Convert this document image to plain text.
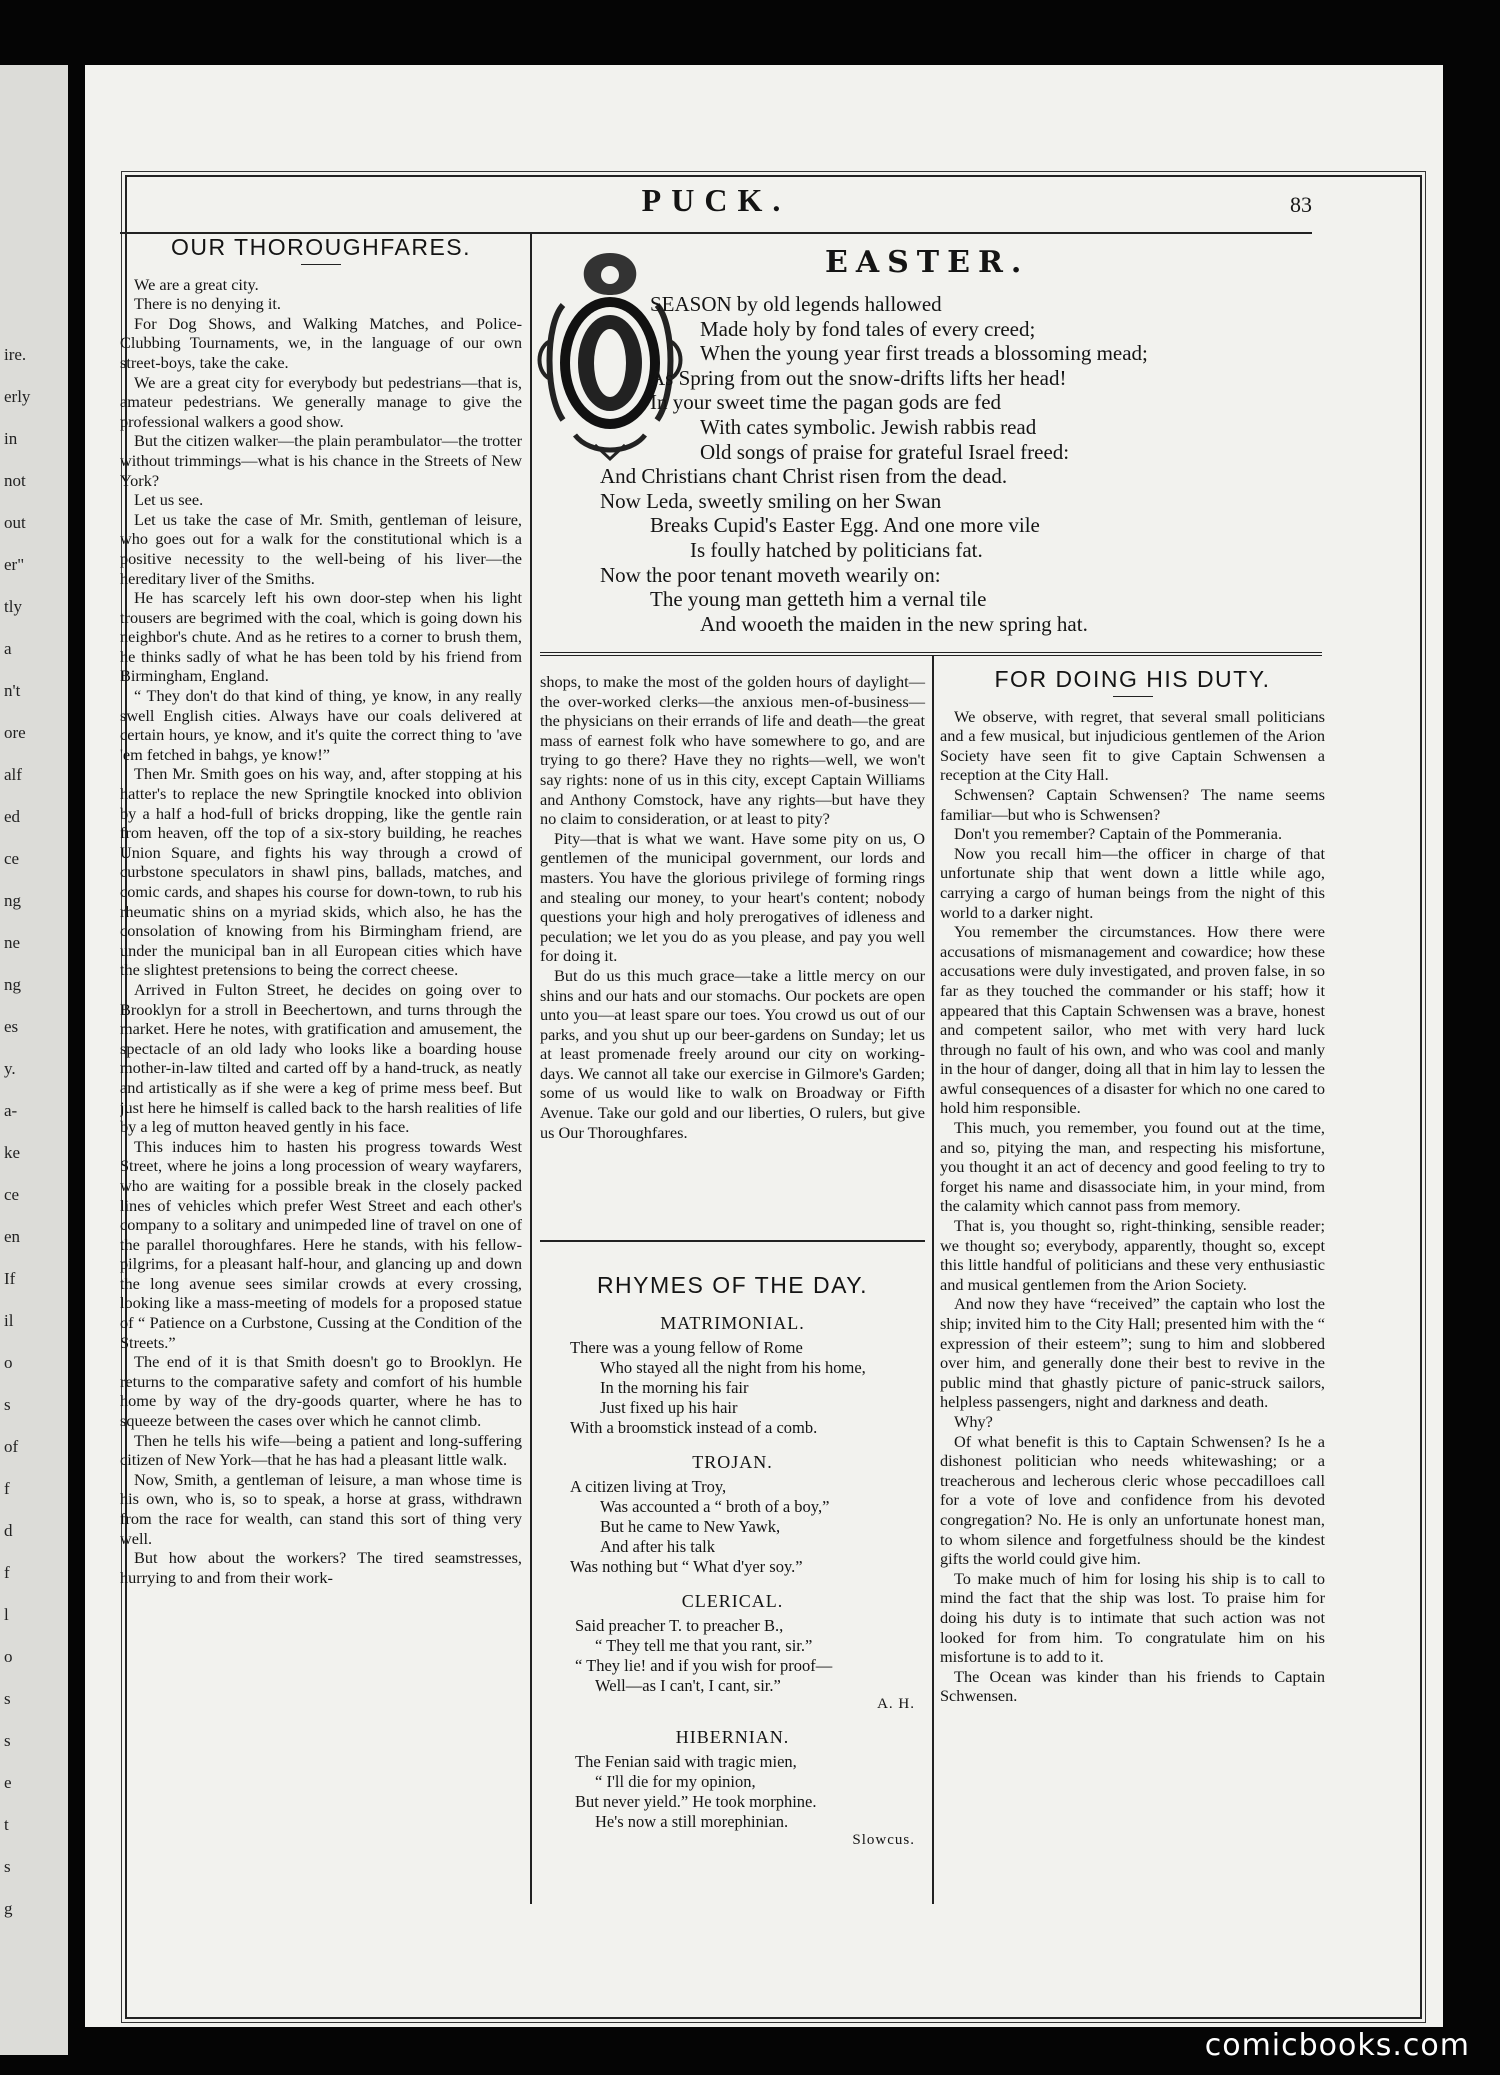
ire.
erly
in
not
out
er"
tly
a
n't
ore
alf
ed
ce
ng
ne
ng
es
y.
a-
ke
ce
en
If
il
o
s
of
f
d
f
l
o
s
s
e
t
s
g
PUCK.	83
OUR THOROUGHFARES.

We are a great city.

There is no denying it.

For Dog Shows, and Walking Matches, and Police-Clubbing Tournaments, we, in the language of our own street-boys, take the cake.

We are a great city for everybody but pedestrians—that is, amateur pedestrians. We generally manage to give the professional walkers a good show.

But the citizen walker—the plain perambulator—the trotter without trimmings—what is his chance in the Streets of New York?

Let us see.

Let us take the case of Mr. Smith, gentleman of leisure, who goes out for a walk for the constitutional which is a positive necessity to the well-being of his liver—the hereditary liver of the Smiths.

He has scarcely left his own door-step when his light trousers are begrimed with the coal, which is going down his neighbor's chute. And as he retires to a corner to brush them, he thinks sadly of what he has been told by his friend from Birmingham, England.

“ They don't do that kind of thing, ye know, in any really swell English cities. Always have our coals delivered at certain hours, ye know, and it's quite the correct thing to 'ave 'em fetched in bahgs, ye know!”

Then Mr. Smith goes on his way, and, after stopping at his hatter's to replace the new Springtile knocked into oblivion by a half a hod-full of bricks dropping, like the gentle rain from heaven, off the top of a six-story building, he reaches Union Square, and fights his way through a crowd of curbstone speculators in shawl pins, ballads, matches, and comic cards, and shapes his course for down-town, to rub his rheumatic shins on a myriad skids, which also, he has the consolation of knowing from his Birmingham friend, are under the municipal ban in all European cities which have the slightest pretensions to being the correct cheese.

Arrived in Fulton Street, he decides on going over to Brooklyn for a stroll in Beechertown, and turns through the market. Here he notes, with gratification and amusement, the spectacle of an old lady who looks like a boarding house mother-in-law tilted and carted off by a hand-truck, as neatly and artistically as if she were a keg of prime mess beef. But just here he himself is called back to the harsh realities of life by a leg of mutton heaved gently in his face.

This induces him to hasten his progress towards West Street, where he joins a long procession of weary wayfarers, who are waiting for a possible break in the closely packed lines of vehicles which prefer West Street and each other's company to a solitary and unimpeded line of travel on one of the parallel thoroughfares. Here he stands, with his fellow-pilgrims, for a pleasant half-hour, and glancing up and down the long avenue sees similar crowds at every crossing, looking like a mass-meeting of models for a proposed statue of “ Patience on a Curbstone, Cussing at the Condition of the Streets.”

The end of it is that Smith doesn't go to Brooklyn. He returns to the comparative safety and comfort of his humble home by way of the dry-goods quarter, where he has to squeeze between the cases over which he cannot climb.

Then he tells his wife—being a patient and long-suffering citizen of New York—that he has had a pleasant little walk.

Now, Smith, a gentleman of leisure, a man whose time is his own, who is, so to speak, a horse at grass, withdrawn from the race for wealth, can stand this sort of thing very well.

But how about the workers? The tired seamstresses, hurrying to and from their work-

EASTER.
SEASON by old legends hallowed
Made holy by fond tales of every creed;
When the young year first treads a blossoming mead;
As Spring from out the snow-drifts lifts her head!
In your sweet time the pagan gods are fed
With cates symbolic. Jewish rabbis read
Old songs of praise for grateful Israel freed:
And Christians chant Christ risen from the dead.
Now Leda, sweetly smiling on her Swan
Breaks Cupid's Easter Egg. And one more vile
Is foully hatched by politicians fat.
Now the poor tenant moveth wearily on:
The young man getteth him a vernal tile
And wooeth the maiden in the new spring hat.

shops, to make the most of the golden hours of daylight—the over-worked clerks—the anxious men-of-business—the physicians on their errands of life and death—the great mass of earnest folk who have somewhere to go, and are trying to go there? Have they no rights—well, we won't say rights: none of us in this city, except Captain Williams and Anthony Comstock, have any rights—but have they no claim to consideration, or at least to pity?

Pity—that is what we want. Have some pity on us, O gentlemen of the municipal government, our lords and masters. You have the glorious privilege of forming rings and stealing our money, to your heart's content; nobody questions your high and holy prerogatives of idleness and peculation; we let you do as you please, and pay you well for doing it.

But do us this much grace—take a little mercy on our shins and our hats and our stomachs. Our pockets are open unto you—at least spare our toes. You crowd us out of our parks, and you shut up our beer-gardens on Sunday; let us at least promenade freely around our city on working-days. We cannot all take our exercise in Gilmore's Garden; some of us would like to walk on Broadway or Fifth Avenue. Take our gold and our liberties, O rulers, but give us Our Thoroughfares.

RHYMES OF THE DAY.
MATRIMONIAL.
There was a young fellow of Rome
Who stayed all the night from his home,
In the morning his fair
Just fixed up his hair
With a broomstick instead of a comb.
TROJAN.
A citizen living at Troy,
Was accounted a “ broth of a boy,”
But he came to New Yawk,
And after his talk
Was nothing but “ What d'yer soy.”
CLERICAL.
Said preacher T. to preacher B.,
“ They tell me that you rant, sir.”
“ They lie! and if you wish for proof—
Well—as I can't, I cant, sir.”
A. H.
HIBERNIAN.
The Fenian said with tragic mien,
“ I'll die for my opinion,
But never yield.” He took morphine.
He's now a still morephinian.
Slowcus.
FOR DOING HIS DUTY.

We observe, with regret, that several small politicians and a few musical, but injudicious gentlemen of the Arion Society have seen fit to give Captain Schwensen a reception at the City Hall.

Schwensen? Captain Schwensen? The name seems familiar—but who is Schwensen?

Don't you remember? Captain of the Pommerania.

Now you recall him—the officer in charge of that unfortunate ship that went down a little while ago, carrying a cargo of human beings from the night of this world to a darker night.

You remember the circumstances. How there were accusations of mismanagement and cowardice; how these accusations were duly investigated, and proven false, in so far as they touched the commander or his staff; how it appeared that this Captain Schwensen was a brave, honest and competent sailor, who met with very hard luck through no fault of his own, and who was cool and manly in the hour of danger, doing all that in him lay to lessen the awful consequences of a disaster for which no one cared to hold him responsible.

This much, you remember, you found out at the time, and so, pitying the man, and respecting his misfortune, you thought it an act of decency and good feeling to try to forget his name and disassociate him, in your mind, from the calamity which cannot pass from memory.

That is, you thought so, right-thinking, sensible reader; we thought so; everybody, apparently, thought so, except this little handful of politicians and these very enthusiastic and musical gentlemen from the Arion Society.

And now they have “received” the captain who lost the ship; invited him to the City Hall; presented him with the “ expression of their esteem”; sung to him and slobbered over him, and generally done their best to revive in the public mind that ghastly picture of panic-struck sailors, helpless passengers, night and darkness and death.

Why?

Of what benefit is this to Captain Schwensen? Is he a dishonest politician who needs whitewashing; or a treacherous and lecherous cleric whose peccadilloes call for a vote of love and confidence from his devoted congregation? No. He is only an unfortunate honest man, to whom silence and forgetfulness should be the kindest gifts the world could give him.

To make much of him for losing his ship is to call to mind the fact that the ship was lost. To praise him for doing his duty is to intimate that such action was not looked for from him. To congratulate him on his misfortune is to add to it.

The Ocean was kinder than his friends to Captain Schwensen.

comicbooks.com
